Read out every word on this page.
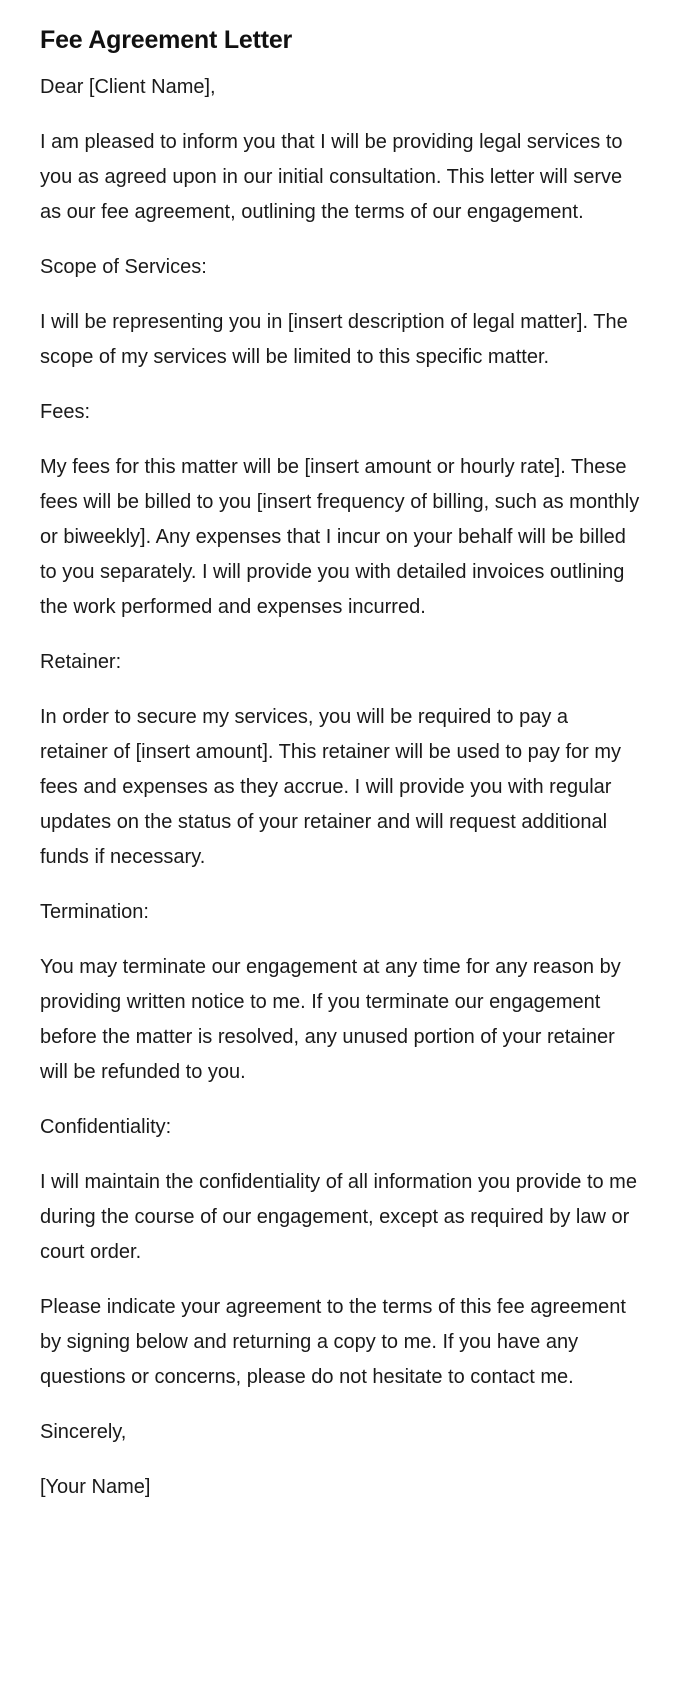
Fee Agreement Letter

Dear [Client Name],

I am pleased to inform you that I will be providing legal services to you as agreed upon in our initial consultation. This letter will serve as our fee agreement, outlining the terms of our engagement.

Scope of Services:

I will be representing you in [insert description of legal matter]. The scope of my services will be limited to this specific matter.

Fees:

My fees for this matter will be [insert amount or hourly rate]. These fees will be billed to you [insert frequency of billing, such as monthly or biweekly]. Any expenses that I incur on your behalf will be billed to you separately. I will provide you with detailed invoices outlining the work performed and expenses incurred.

Retainer:

In order to secure my services, you will be required to pay a retainer of [insert amount]. This retainer will be used to pay for my fees and expenses as they accrue. I will provide you with regular updates on the status of your retainer and will request additional funds if necessary.

Termination:

You may terminate our engagement at any time for any reason by providing written notice to me. If you terminate our engagement before the matter is resolved, any unused portion of your retainer will be refunded to you.

Confidentiality:

I will maintain the confidentiality of all information you provide to me during the course of our engagement, except as required by law or court order.

Please indicate your agreement to the terms of this fee agreement by signing below and returning a copy to me. If you have any questions or concerns, please do not hesitate to contact me.

Sincerely,

[Your Name]
